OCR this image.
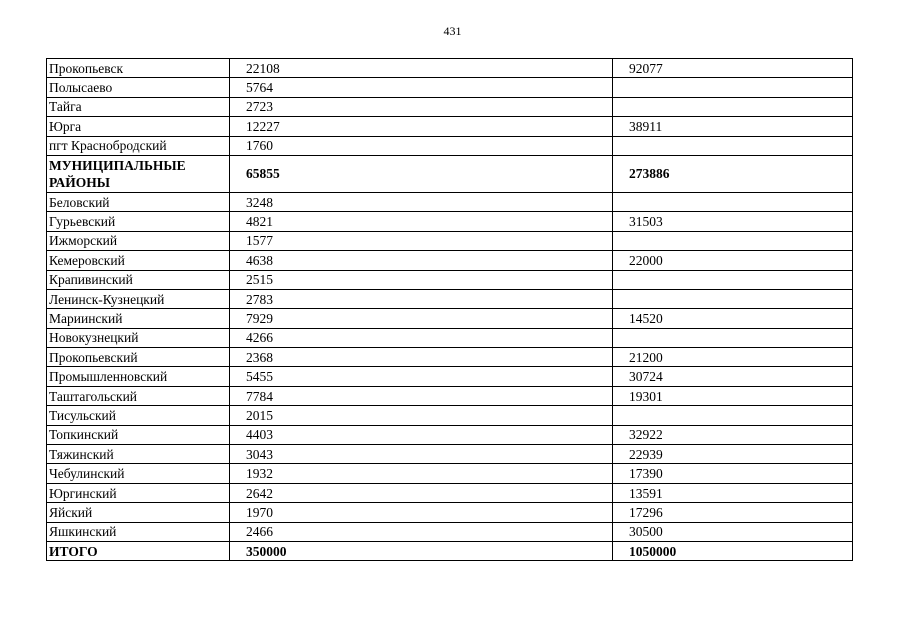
431
Прокопьевск	22108	92077
Полысаево	5764	
Тайга	2723	
Юрга	12227	38911
пгт Краснобродский	1760	
МУНИЦИПАЛЬНЫЕ РАЙОНЫ	65855	273886
Беловский	3248	
Гурьевский	4821	31503
Ижморский	1577	
Кемеровский	4638	22000
Крапивинский	2515	
Ленинск-Кузнецкий	2783	
Мариинский	7929	14520
Новокузнецкий	4266	
Прокопьевский	2368	21200
Промышленновский	5455	30724
Таштагольский	7784	19301
Тисульский	2015	
Топкинский	4403	32922
Тяжинский	3043	22939
Чебулинский	1932	17390
Юргинский	2642	13591
Яйский	1970	17296
Яшкинский	2466	30500
ИТОГО	350000	1050000
